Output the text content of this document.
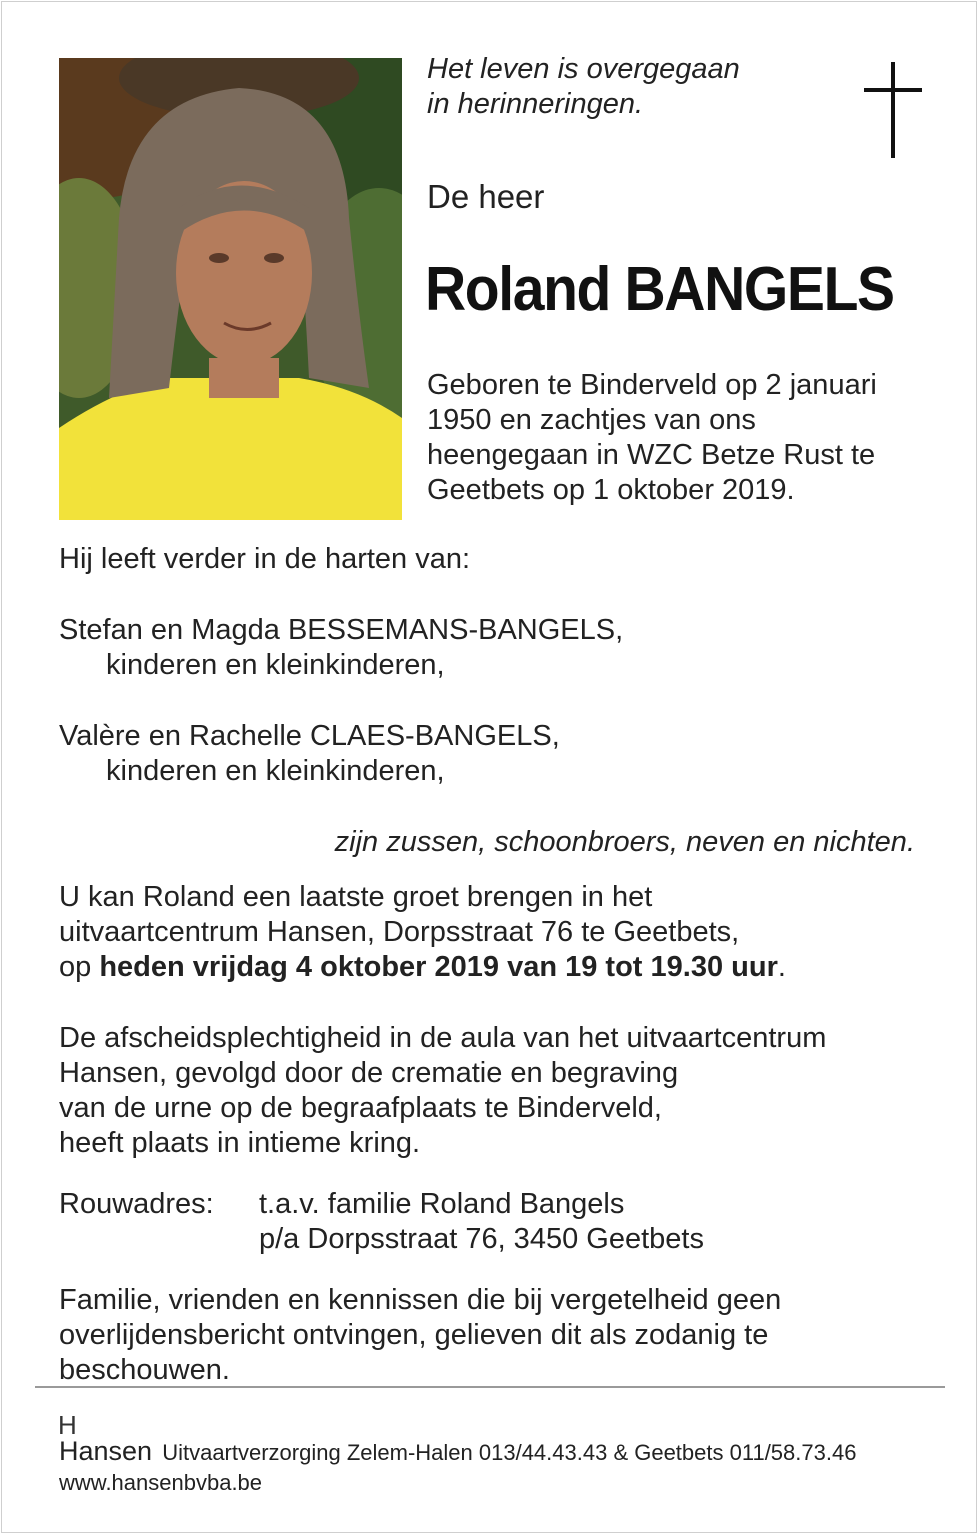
Het leven is overgegaan
in herinneringen.
De heer
Roland BANGELS
Geboren te Binderveld op 2 januari
1950 en zachtjes van ons
heengegaan in WZC Betze Rust te
Geetbets op 1 oktober 2019.
Hij leeft verder in de harten van:
Stefan en Magda BESSEMANS-BANGELS,
kinderen en kleinkinderen,
Valère en Rachelle CLAES-BANGELS,
kinderen en kleinkinderen,
zijn zussen, schoonbroers, neven en nichten.
U kan Roland een laatste groet brengen in het
uitvaartcentrum Hansen, Dorpsstraat 76 te Geetbets,
op heden vrijdag 4 oktober 2019 van 19 tot 19.30 uur.
De afscheidsplechtigheid in de aula van het uitvaartcentrum
Hansen, gevolgd door de crematie en begraving
van de urne op de begraafplaats te Binderveld,
heeft plaats in intieme kring.
Rouwadres: t.a.v. familie Roland Bangels
p/a Dorpsstraat 76, 3450 Geetbets
Familie, vrienden en kennissen die bij vergetelheid geen
overlijdensbericht ontvingen, gelieven dit als zodanig te
beschouwen.
H
Hansen Uitvaartverzorging Zelem-Halen 013/44.43.43 & Geetbets 011/58.73.46
www.hansenbvba.be
